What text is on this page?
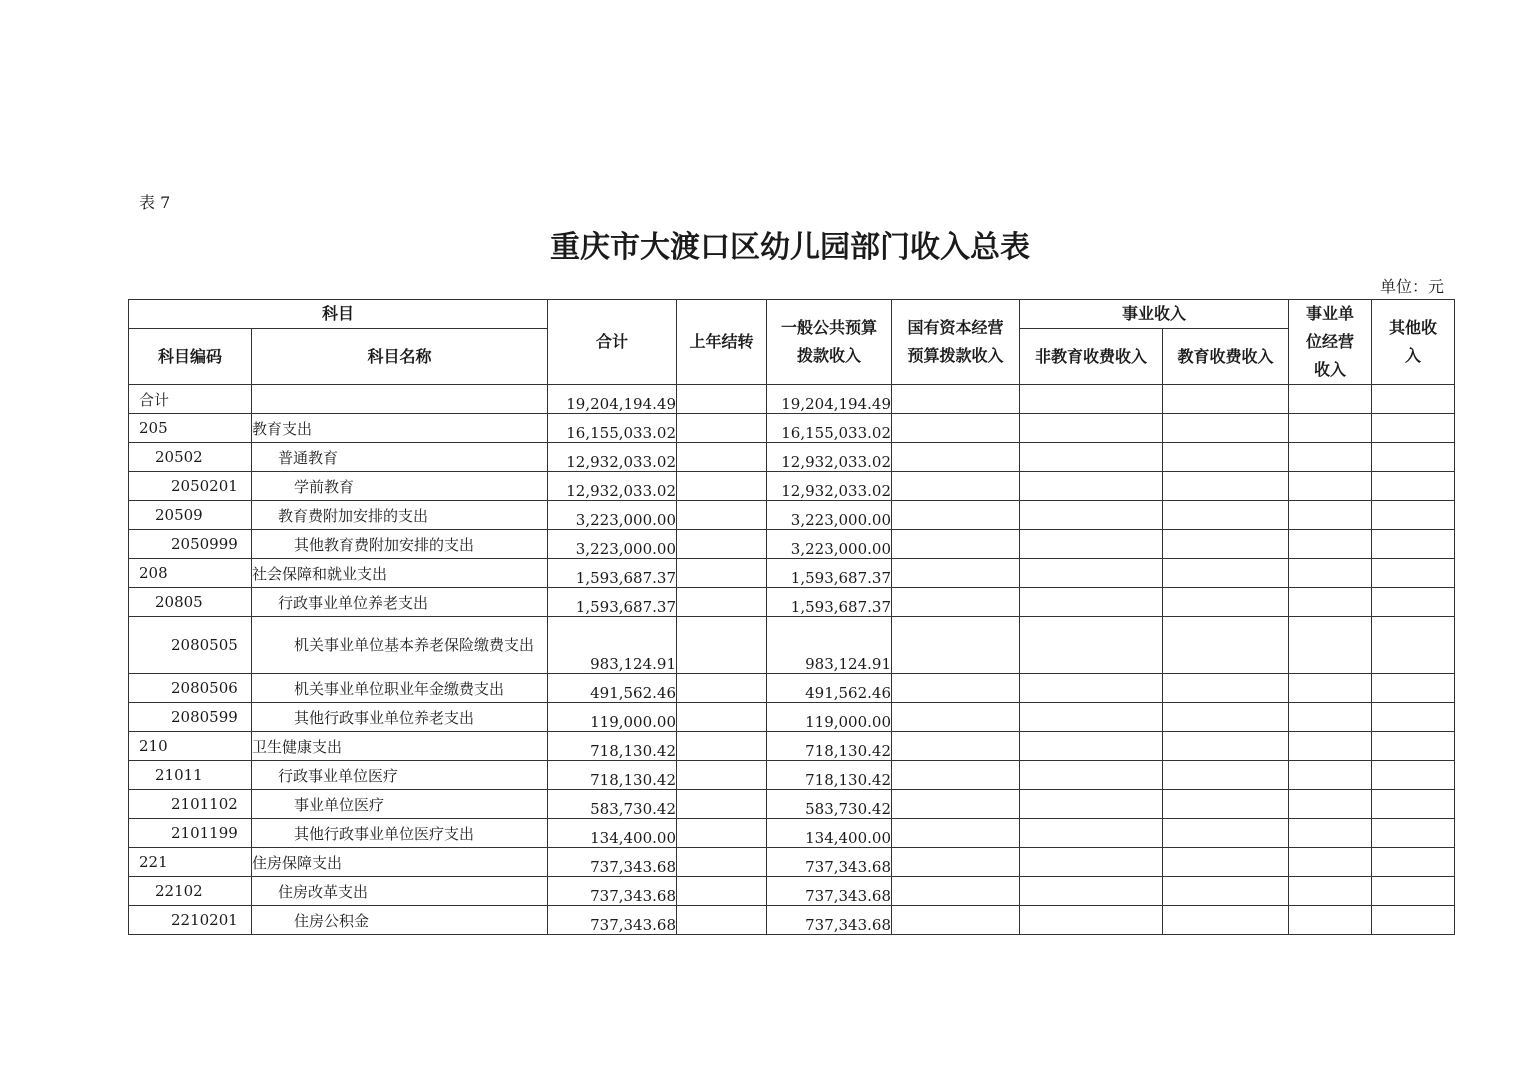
表 7
重庆市大渡口区幼儿园部门收入总表
单位：元
科目		合计	上年结转	一般公共预算拨款收入	国有资本经营预算拨款收入	事业收入		事业单位经营收入	其他收入

科目编码	科目名称					非教育收费收入	教育收费收入		

合计		19,204,194.49		19,204,194.49					
205	教育支出	16,155,033.02		16,155,033.02					
20502	普通教育	12,932,033.02		12,932,033.02					
2050201	学前教育	12,932,033.02		12,932,033.02					
20509	教育费附加安排的支出	3,223,000.00		3,223,000.00					
2050999	其他教育费附加安排的支出	3,223,000.00		3,223,000.00					
208	社会保障和就业支出	1,593,687.37		1,593,687.37					
20805	行政事业单位养老支出	1,593,687.37		1,593,687.37					
2080505	机关事业单位基本养老保险缴费支出	983,124.91		983,124.91					
2080506	机关事业单位职业年金缴费支出	491,562.46		491,562.46					
2080599	其他行政事业单位养老支出	119,000.00		119,000.00					
210	卫生健康支出	718,130.42		718,130.42					
21011	行政事业单位医疗	718,130.42		718,130.42					
2101102	事业单位医疗	583,730.42		583,730.42					
2101199	其他行政事业单位医疗支出	134,400.00		134,400.00					
221	住房保障支出	737,343.68		737,343.68					
22102	住房改革支出	737,343.68		737,343.68					
2210201	住房公积金	737,343.68		737,343.68					
